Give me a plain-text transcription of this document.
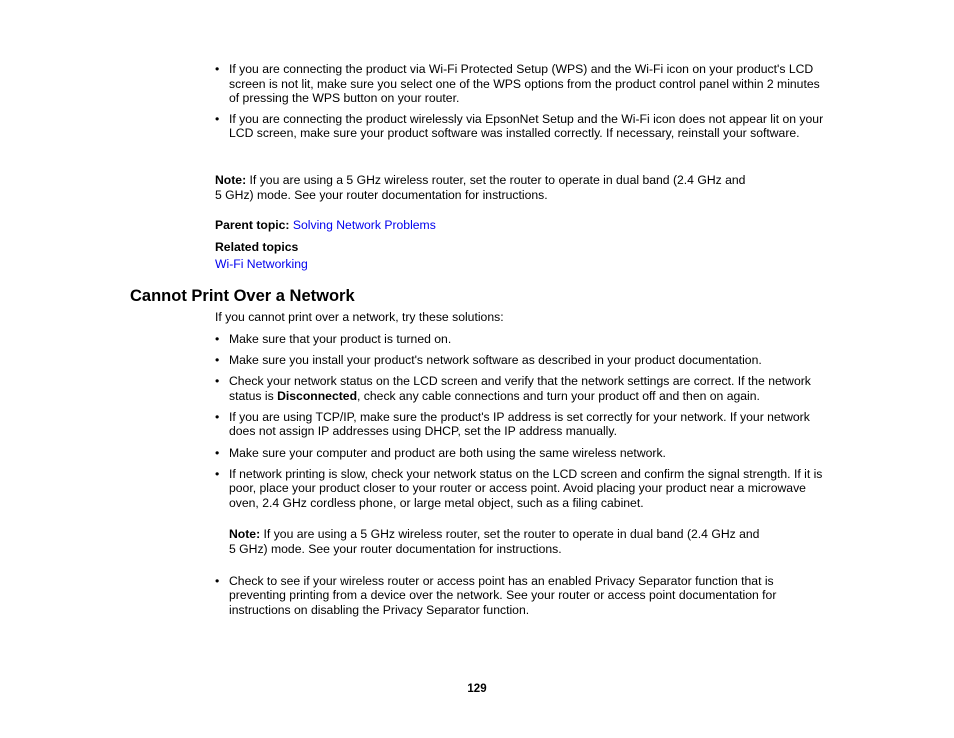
• If you are connecting the product via Wi-Fi Protected Setup (WPS) and the Wi-Fi icon on your product's LCD screen is not lit, make sure you select one of the WPS options from the product control panel within 2 minutes of pressing the WPS button on your router.
• If you are connecting the product wirelessly via EpsonNet Setup and the Wi-Fi icon does not appear lit on your LCD screen, make sure your product software was installed correctly. If necessary, reinstall your software.
Note: If you are using a 5 GHz wireless router, set the router to operate in dual band (2.4 GHz and
5 GHz) mode. See your router documentation for instructions.
Parent topic: Solving Network Problems
Related topics
Wi-Fi Networking
Cannot Print Over a Network
If you cannot print over a network, try these solutions:
• Make sure that your product is turned on.
• Make sure you install your product's network software as described in your product documentation.
• Check your network status on the LCD screen and verify that the network settings are correct. If the network status is Disconnected, check any cable connections and turn your product off and then on again.
• If you are using TCP/IP, make sure the product's IP address is set correctly for your network. If your network does not assign IP addresses using DHCP, set the IP address manually.
• Make sure your computer and product are both using the same wireless network.
• If network printing is slow, check your network status on the LCD screen and confirm the signal strength. If it is poor, place your product closer to your router or access point. Avoid placing your product near a microwave oven, 2.4 GHz cordless phone, or large metal object, such as a filing cabinet.
Note: If you are using a 5 GHz wireless router, set the router to operate in dual band (2.4 GHz and
5 GHz) mode. See your router documentation for instructions.
• Check to see if your wireless router or access point has an enabled Privacy Separator function that is preventing printing from a device over the network. See your router or access point documentation for instructions on disabling the Privacy Separator function.
129
